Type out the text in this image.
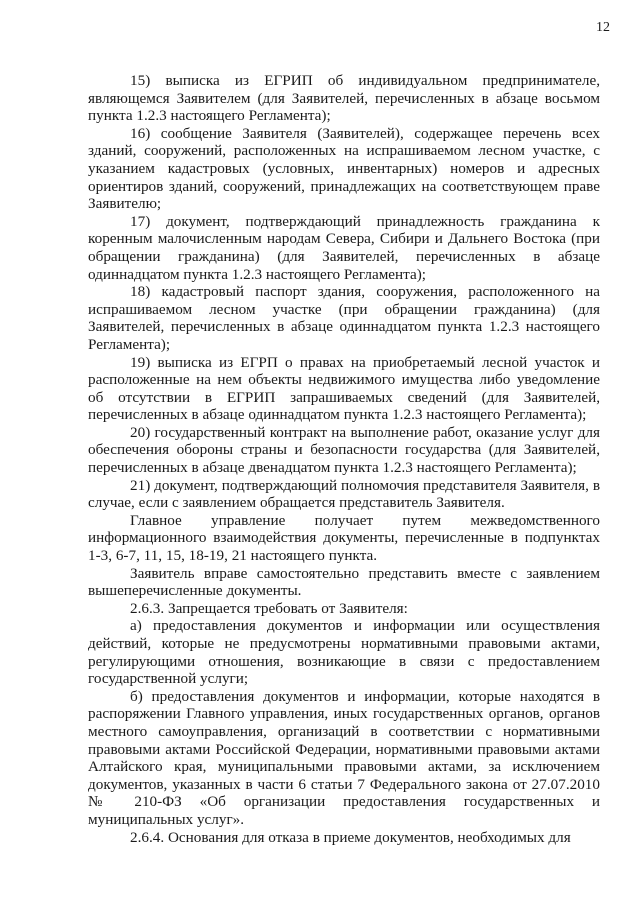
12

15) выписка из ЕГРИП об индивидуальном предпринимателе, являющемся Заявителем (для Заявителей, перечисленных в абзаце восьмом пункта 1.2.3 настоящего Регламента);

16) сообщение Заявителя (Заявителей), содержащее перечень всех зданий, сооружений, расположенных на испрашиваемом лесном участке, с указанием кадастровых (условных, инвентарных) номеров и адресных ориентиров зданий, сооружений, принадлежащих на соответствующем праве Заявителю;

17) документ, подтверждающий принадлежность гражданина к коренным малочисленным народам Севера, Сибири и Дальнего Востока (при обращении гражданина) (для Заявителей, перечисленных в абзаце одиннадцатом пункта 1.2.3 настоящего Регламента);

18) кадастровый паспорт здания, сооружения, расположенного на испрашиваемом лесном участке (при обращении гражданина) (для Заявителей, перечисленных в абзаце одиннадцатом пункта 1.2.3 настоящего Регламента);

19) выписка из ЕГРП о правах на приобретаемый лесной участок и расположенные на нем объекты недвижимого имущества либо уведомление об отсутствии в ЕГРИП запрашиваемых сведений (для Заявителей, перечисленных в абзаце одиннадцатом пункта 1.2.3 настоящего Регламента);

20) государственный контракт на выполнение работ, оказание услуг для обеспечения обороны страны и безопасности государства (для Заявителей, перечисленных в абзаце двенадцатом пункта 1.2.3 настоящего Регламента);

21) документ, подтверждающий полномочия представителя Заявителя, в случае, если с заявлением обращается представитель Заявителя.

Главное управление получает путем межведомственного информационного взаимодействия документы, перечисленные в подпунктах 1-3, 6-7, 11, 15, 18-19, 21 настоящего пункта.

Заявитель вправе самостоятельно представить вместе с заявлением вышеперечисленные документы.

2.6.3. Запрещается требовать от Заявителя:

а) предоставления документов и информации или осуществления действий, которые не предусмотрены нормативными правовыми актами, регулирующими отношения, возникающие в связи с предоставлением государственной услуги;

б) предоставления документов и информации, которые находятся в распоряжении Главного управления, иных государственных органов, органов местного самоуправления, организаций в соответствии с нормативными правовыми актами Российской Федерации, нормативными правовыми актами Алтайского края, муниципальными правовыми актами, за исключением документов, указанных в части 6 статьи 7 Федерального закона от 27.07.2010 № 210-ФЗ «Об организации предоставления государственных и муниципальных услуг».

2.6.4. Основания для отказа в приеме документов, необходимых для
